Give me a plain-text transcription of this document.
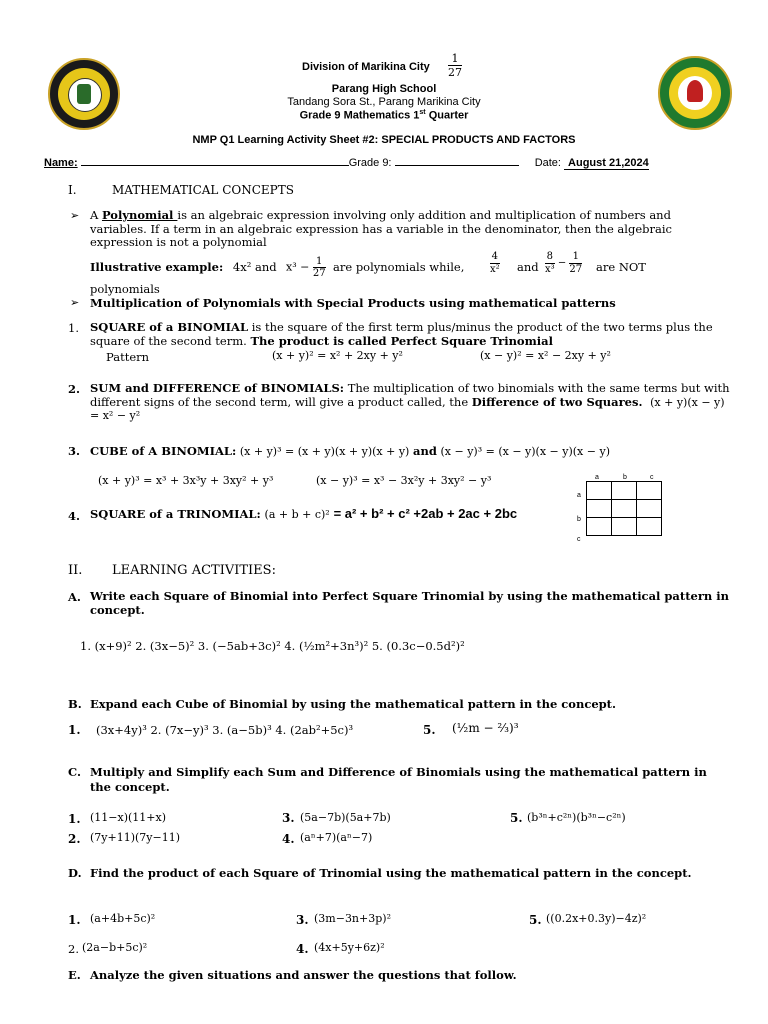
Division of Marikina City
1
27
Parang High School
Tandang Sora St., Parang Marikina City
Grade 9 Mathematics 1st Quarter
NMP Q1 Learning Activity Sheet #2: SPECIAL PRODUCTS AND FACTORS
Name:	Grade 9:	Date: August 21,2024
I.	MATHEMATICAL CONCEPTS
➢ A Polynomial is an algebraic expression involving only addition and multiplication of numbers and variables. If a term in an algebraic expression has a variable in the denominator, then the algebraic expression is not a polynomial
Illustrative example: 4x² and $x^3 - \frac{1}{27}$ are polynomials while,
4
x² and $\frac{8}{\text{x³}} - \frac{1}{27}$ are NOT
polynomials
➢ Multiplication of Polynomials with Special Products using mathematical patterns
1. SQUARE of a BINOMIAL is the square of the first term plus/minus the product of the two terms plus the square of the second term. The product is called Perfect Square Trinomial
Pattern	(x + y)² = x² + 2xy + y²	(x − y)² = x² − 2xy + y²
2. SUM and DIFFERENCE of BINOMIALS: The multiplication of two binomials with the same terms but with different signs of the second term, will give a product called, the Difference of two Squares. (x + y)(x − y) = x² − y²
3. CUBE of A BINOMIAL: (x + y)³ = (x + y)(x + y)(x + y) and (x − y)³ = (x − y)(x − y)(x − y)
(x + y)³ = x³ + 3x³y + 3xy² + y³	(x − y)³ = x³ − 3x²y + 3xy² − y³	a	b	c
a
b
c

4. SQUARE of a TRINOMIAL: (a + b + c)² = a² + b² + c² +2ab + 2ac + 2bc
II. LEARNING ACTIVITIES:
A. Write each Square of Binomial into Perfect Square Trinomial by using the mathematical pattern in concept.
1. (x+9)² 2. (3x−5)² 3. (−5ab+3c)² 4. (½m²+3n³)² 5. (0.3c−0.5d²)²
B. Expand each Cube of Binomial by using the mathematical pattern in the concept.
1. (3x+4y)³ 2. (7x−y)³ 3. (a−5b)³ 4. (2ab²+5c)³	5. (½m − ⅔)³
C. Multiply and Simplify each Sum and Difference of Binomials using the mathematical pattern in the concept.
1. (11−x)(11+x)
2. (7y+11)(7y−11)
3. (5a−7b)(5a+7b)
4. (aⁿ+7)(aⁿ−7)
5. (b³ⁿ+c²ⁿ)(b³ⁿ−c²ⁿ)
D. Find the product of each Square of Trinomial using the mathematical pattern in the concept.
1. (a+4b+5c)²
2. (2a−b+5c)²
3. (3m−3n+3p)²
4. (4x+5y+6z)²
5. ((0.2x+0.3y)−4z)²
E. Analyze the given situations and answer the questions that follow.
